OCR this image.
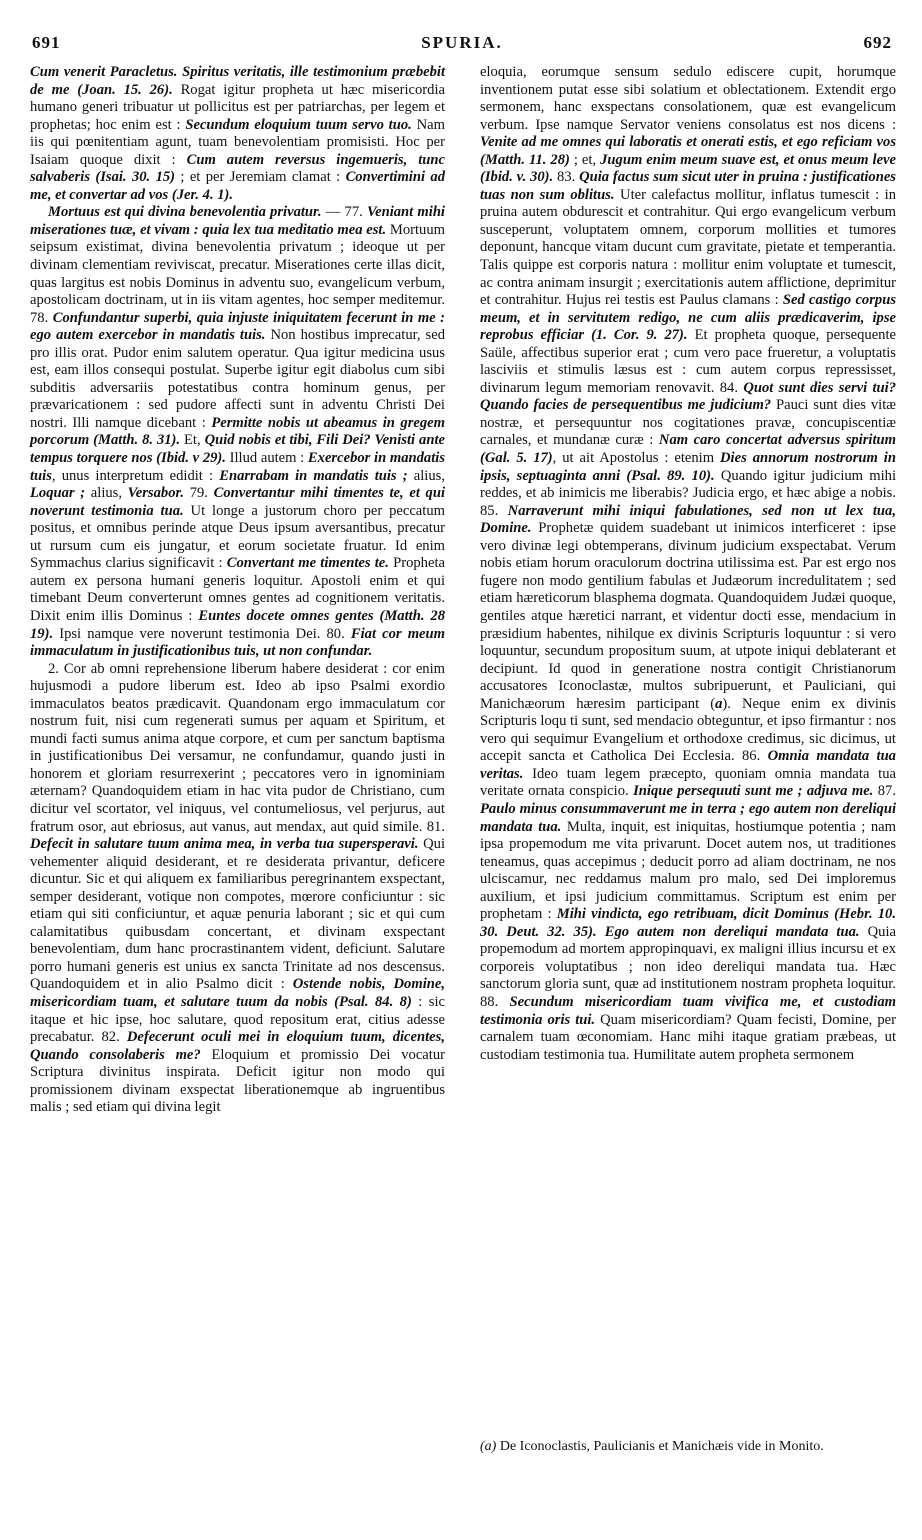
691	SPURIA.	692

Cum venerit Paracletus. Spiritus veritatis, ille testimonium præbebit de me (Joan. 15. 26). Rogat igitur propheta ut hæc misericordia humano generi tribuatur ut pollicitus est per patriarchas, per legem et prophetas; hoc enim est : Secundum eloquium tuum servo tuo. Nam iis qui pœnitentiam agunt, tuam benevolentiam promisisti. Hoc per Isaiam quoque dixit : Cum autem reversus ingemueris, tunc salvaberis (Isai. 30. 15) ; et per Jeremiam clamat : Convertimini ad me, et convertar ad vos (Jer. 4. 1).

Mortuus est qui divina benevolentia privatur. — 77. Veniant mihi miserationes tuæ, et vivam : quia lex tua meditatio mea est. Mortuum seipsum existimat, divina benevolentia privatum ; ideoque ut per divinam clementiam reviviscat, precatur. Miserationes certe illas dicit, quas largitus est nobis Dominus in adventu suo, evangelicum verbum, apostolicam doctrinam, ut in iis vitam agentes, hoc semper meditemur. 78. Confundantur superbi, quia injuste iniquitatem fecerunt in me : ego autem exercebor in mandatis tuis. Non hostibus imprecatur, sed pro illis orat. Pudor enim salutem operatur. Qua igitur medicina usus est, eam illos consequi postulat. Superbe igitur egit diabolus cum sibi subditis adversariis potestatibus contra hominum genus, per prævaricationem : sed pudore affecti sunt in adventu Christi Dei nostri. Illi namque dicebant : Permitte nobis ut abeamus in gregem porcorum (Matth. 8. 31). Et, Quid nobis et tibi, Fili Dei? Venisti ante tempus torquere nos (Ibid. v 29). Illud autem : Exercebor in mandatis tuis, unus interpretum edidit : Enarrabam in mandatis tuis ; alius, Loquar ; alius, Versabor. 79. Convertantur mihi timentes te, et qui noverunt testimonia tua. Ut longe a justorum choro per peccatum positus, et omnibus perinde atque Deus ipsum aversantibus, precatur ut rursum cum eis jungatur, et eorum societate fruatur. Id enim Symmachus clarius significavit : Convertant me timentes te. Propheta autem ex persona humani generis loquitur. Apostoli enim et qui timebant Deum converterunt omnes gentes ad cognitionem veritatis. Dixit enim illis Dominus : Euntes docete omnes gentes (Matth. 28 19). Ipsi namque vere noverunt testimonia Dei. 80. Fiat cor meum immaculatum in justificationibus tuis, ut non confundar.

2. Cor ab omni reprehensione liberum habere desiderat : cor enim hujusmodi a pudore liberum est. Ideo ab ipso Psalmi exordio immaculatos beatos prædicavit. Quandonam ergo immaculatum cor nostrum fuit, nisi cum regenerati sumus per aquam et Spiritum, et mundi facti sumus anima atque corpore, et cum per sanctum baptisma in justificationibus Dei versamur, ne confundamur, quando justi in honorem et gloriam resurrexerint ; peccatores vero in ignominiam æternam? Quandoquidem etiam in hac vita pudor de Christiano, cum dicitur vel scortator, vel iniquus, vel contumeliosus, vel perjurus, aut fratrum osor, aut ebriosus, aut vanus, aut mendax, aut quid simile. 81. Defecit in salutare tuum anima mea, in verba tua supersperavi. Qui vehementer aliquid desiderant, et re desiderata privantur, deficere dicuntur. Sic et qui aliquem ex familiaribus peregrinantem exspectant, semper desiderant, votique non compotes, mœrore conficiuntur : sic etiam qui siti conficiuntur, et aquæ penuria laborant ; sic et qui cum calamitatibus quibusdam concertant, et divinam exspectant benevolentiam, dum hanc procrastinantem vident, deficiunt. Salutare porro humani generis est unius ex sancta Trinitate ad nos descensus. Quandoquidem et in alio Psalmo dicit : Ostende nobis, Domine, misericordiam tuam, et salutare tuum da nobis (Psal. 84. 8) : sic itaque et hic ipse, hoc salutare, quod repositum erat, citius adesse precabatur. 82. Defecerunt oculi mei in eloquium tuum, dicentes, Quando consolaberis me? Eloquium et promissio Dei vocatur Scriptura divinitus inspirata. Deficit igitur non modo qui promissionem divinam exspectat liberationemque ab ingruentibus malis ; sed etiam qui divina legit

eloquia, eorumque sensum sedulo ediscere cupit, horumque inventionem putat esse sibi solatium et oblectationem. Extendit ergo sermonem, hanc exspectans consolationem, quæ est evangelicum verbum. Ipse namque Servator veniens consolatus est nos dicens : Venite ad me omnes qui laboratis et onerati estis, et ego reficiam vos (Matth. 11. 28) ; et, Jugum enim meum suave est, et onus meum leve (Ibid. v. 30). 83. Quia factus sum sicut uter in pruina : justificationes tuas non sum oblitus. Uter calefactus mollitur, inflatus tumescit : in pruina autem obdurescit et contrahitur. Qui ergo evangelicum verbum susceperunt, voluptatem omnem, corporum mollities et tumores deponunt, hancque vitam ducunt cum gravitate, pietate et temperantia. Talis quippe est corporis natura : mollitur enim voluptate et tumescit, ac contra animam insurgit ; exercitationis autem afflictione, deprimitur et contrahitur. Hujus rei testis est Paulus clamans : Sed castigo corpus meum, et in servitutem redigo, ne cum aliis prædicaverim, ipse reprobus efficiar (1. Cor. 9. 27). Et propheta quoque, persequente Saüle, affectibus superior erat ; cum vero pace frueretur, a voluptatis lasciviis et stimulis læsus est : cum autem corpus repressisset, divinarum legum memoriam renovavit. 84. Quot sunt dies servi tui? Quando facies de persequentibus me judicium? Pauci sunt dies vitæ nostræ, et persequuntur nos cogitationes pravæ, concupiscentiæ carnales, et mundanæ curæ : Nam caro concertat adversus spiritum (Gal. 5. 17), ut ait Apostolus : etenim Dies annorum nostrorum in ipsis, septuaginta anni (Psal. 89. 10). Quando igitur judicium mihi reddes, et ab inimicis me liberabis? Judicia ergo, et hæc abige a nobis. 85. Narraverunt mihi iniqui fabulationes, sed non ut lex tua, Domine. Prophetæ quidem suadebant ut inimicos interficeret : ipse vero divinæ legi obtemperans, divinum judicium exspectabat. Verum nobis etiam horum oraculorum doctrina utilissima est. Par est ergo nos fugere non modo gentilium fabulas et Judæorum incredulitatem ; sed etiam hæreticorum blasphema dogmata. Quandoquidem Judæi quoque, gentiles atque hæretici narrant, et videntur docti esse, mendacium in præsidium habentes, nihilque ex divinis Scripturis loquuntur : si vero loquuntur, secundum propositum suum, at utpote iniqui deblaterant et decipiunt. Id quod in generatione nostra contigit Christianorum accusatores Iconoclastæ, multos subripuerunt, et Pauliciani, qui Manichæorum hæresim participant (a). Neque enim ex divinis Scripturis loqu ti sunt, sed mendacio obteguntur, et ipso firmantur : nos vero qui sequimur Evangelium et orthodoxe credimus, sic dicimus, ut accepit sancta et Catholica Dei Ecclesia. 86. Omnia mandata tua veritas. Ideo tuam legem præcepto, quoniam omnia mandata tua veritate ornata conspicio. Inique persequuti sunt me ; adjuva me. 87. Paulo minus consummaverunt me in terra ; ego autem non dereliqui mandata tua. Multa, inquit, est iniquitas, hostiumque potentia ; nam ipsa propemodum me vita privarunt. Docet autem nos, ut traditiones teneamus, quas accepimus ; deducit porro ad aliam doctrinam, ne nos ulciscamur, nec reddamus malum pro malo, sed Dei imploremus auxilium, et ipsi judicium committamus. Scriptum est enim per prophetam : Mihi vindicta, ego retribuam, dicit Dominus (Hebr. 10. 30. Deut. 32. 35). Ego autem non dereliqui mandata tua. Quia propemodum ad mortem appropinquavi, ex maligni illius incursu et ex corporeis voluptatibus ; non ideo dereliqui mandata tua. Hæc sanctorum gloria sunt, quæ ad institutionem nostram propheta loquitur. 88. Secundum misericordiam tuam vivifica me, et custodiam testimonia oris tui. Quam misericordiam? Quam fecisti, Domine, per carnalem tuam œconomiam. Hanc mihi itaque gratiam præbeas, ut custodiam testimonia tua. Humilitate autem propheta sermonem

(a) De Iconoclastis, Paulicianis et Manichæis vide in Monito.
